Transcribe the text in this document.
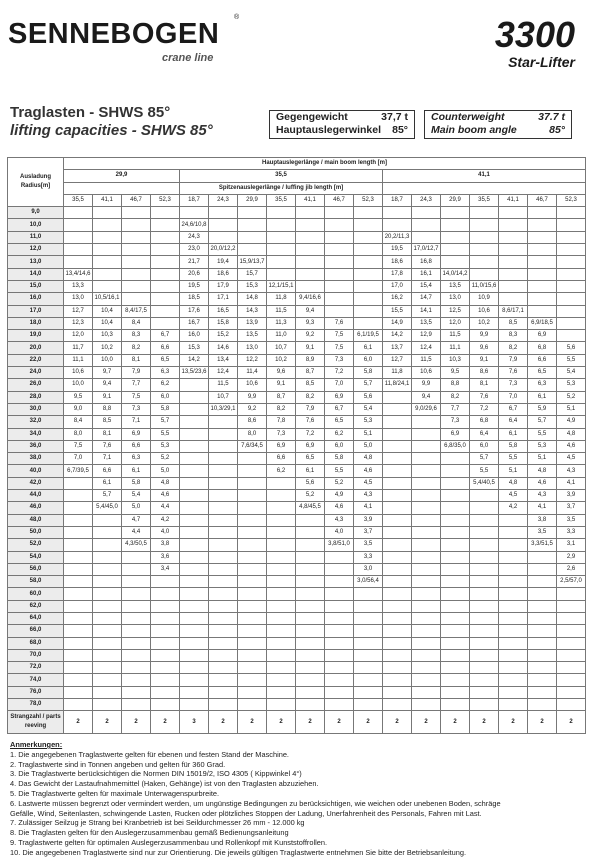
SENNEBOGEN
®
crane line
3300
Star-Lifter
Traglasten - SHWS 85°
lifting capacities - SHWS 85°
Gegengewicht	37,7 t
Hauptauslegerwinkel 85°
Counterweight	37.7 t
Main boom angle	85°
Ausladung Radius[m]	Hauptauslegerlänge / main boom length [m]																	
	29,9				35,5							41,1						
					Spitzenauslegerlänge / luffing jib length [m]													
	35,5	41,1	46,7	52,3	18,7	24,3	29,9	35,5	41,1	46,7	52,3	18,7	24,3	29,9	35,5	41,1	46,7	52,3
9,0																		
10,0					24,6/10,8													
11,0					24,3							20,2/11,3						
12,0					23,0	20,0/12,2						19,5	17,0/12,7					
13,0					21,7	19,4	15,9/13,7					18,6	16,8					
14,0	13,4/14,6				20,6	18,6	15,7					17,8	16,1	14,0/14,2				
15,0	13,3				19,5	17,9	15,3	12,1/15,1				17,0	15,4	13,5	11,0/15,6			
16,0	13,0	10,5/16,1			18,5	17,1	14,8	11,8	9,4/16,6			16,2	14,7	13,0	10,9			
17,0	12,7	10,4	8,4/17,5		17,6	16,5	14,3	11,5	9,4			15,5	14,1	12,5	10,6	8,6/17,1		
18,0	12,3	10,4	8,4		16,7	15,8	13,9	11,3	9,3	7,6		14,9	13,5	12,0	10,2	8,5	6,9/18,5	
19,0	12,0	10,3	8,3	6,7	16,0	15,2	13,5	11,0	9,2	7,5	6,1/19,5	14,2	12,9	11,5	9,9	8,3	6,9	
20,0	11,7	10,2	8,2	6,6	15,3	14,6	13,0	10,7	9,1	7,5	6,1	13,7	12,4	11,1	9,6	8,2	6,8	5,6
22,0	11,1	10,0	8,1	6,5	14,2	13,4	12,2	10,2	8,9	7,3	6,0	12,7	11,5	10,3	9,1	7,9	6,6	5,5
24,0	10,6	9,7	7,9	6,3	13,5/23,6	12,4	11,4	9,6	8,7	7,2	5,8	11,8	10,6	9,5	8,6	7,6	6,5	5,4
26,0	10,0	9,4	7,7	6,2		11,5	10,6	9,1	8,5	7,0	5,7	11,8/24,1	9,9	8,8	8,1	7,3	6,3	5,3
28,0	9,5	9,1	7,5	6,0		10,7	9,9	8,7	8,2	6,9	5,6		9,4	8,2	7,6	7,0	6,1	5,2
30,0	9,0	8,8	7,3	5,8		10,3/29,1	9,2	8,2	7,9	6,7	5,4		9,0/29,6	7,7	7,2	6,7	5,9	5,1
32,0	8,4	8,5	7,1	5,7			8,6	7,8	7,6	6,5	5,3			7,3	6,8	6,4	5,7	4,9
34,0	8,0	8,1	6,9	5,5			8,0	7,3	7,2	6,2	5,1			6,9	6,4	6,1	5,5	4,8
36,0	7,5	7,6	6,6	5,3			7,6/34,5	6,9	6,9	6,0	5,0			6,8/35,0	6,0	5,8	5,3	4,6
38,0	7,0	7,1	6,3	5,2				6,6	6,5	5,8	4,8				5,7	5,5	5,1	4,5
40,0	6,7/39,5	6,6	6,1	5,0				6,2	6,1	5,5	4,6				5,5	5,1	4,8	4,3
42,0		6,1	5,8	4,8					5,6	5,2	4,5				5,4/40,5	4,8	4,6	4,1
44,0		5,7	5,4	4,6					5,2	4,9	4,3					4,5	4,3	3,9
46,0		5,4/45,0	5,0	4,4					4,8/45,5	4,6	4,1					4,2	4,1	3,7
48,0			4,7	4,2						4,3	3,9						3,8	3,5
50,0			4,4	4,0						4,0	3,7						3,5	3,3
52,0			4,3/50,5	3,8						3,8/51,0	3,5						3,3/51,5	3,1
54,0				3,6							3,3							2,9
56,0				3,4							3,0							2,6
58,0											3,0/56,4							2,5/57,0
60,0																		
62,0																		
64,0																		
66,0																		
68,0																		
70,0																		
72,0																		
74,0																		
76,0																		
78,0																		
Strangzahl / parts reeving	2	2	2	2	3	2	2	2	2	2	2	2	2	2	2	2	2	2
Anmerkungen:
1. Die angegebenen Traglastwerte gelten für ebenen und festen Stand der Maschine.
2. Traglastwerte sind in Tonnen angeben und gelten für 360 Grad.
3. Die Traglastwerte berücksichtigen die Normen DIN 15019/2, ISO 4305 ( Kippwinkel 4°)
4. Das Gewicht der Lastaufnahmemittel (Haken, Gehänge) ist von den Traglasten abzuziehen.
5. Die Traglastwerte gelten für maximale Unterwagenspurbreite.
6. Lastwerte müssen begrenzt oder vermindert werden, um ungünstige Bedingungen zu berücksichtigen, wie weichen oder unebenen Boden, schräge
Gefälle, Wind, Seitenlasten, schwingende Lasten, Rucken oder plötzliches Stoppen der Ladung, Unerfahrenheit des Personals, Fahren mit Last.
7. Zulässiger Seilzug je Strang bei Kranbetrieb ist bei Seildurchmesser 26 mm - 12.000 kg
8. Die Traglasten gelten für den Auslegerzusammenbau gemäß Bedienungsanleitung
9. Traglastwerte gelten für optimalen Auslegerzusammenbau und Rollenkopf mit Kunststoffrollen.
10. Die angegebenen Traglastwerte sind nur zur Orientierung. Die jeweils gültigen Traglastwerte entnehmen Sie bitte der Betriebsanleitung.
